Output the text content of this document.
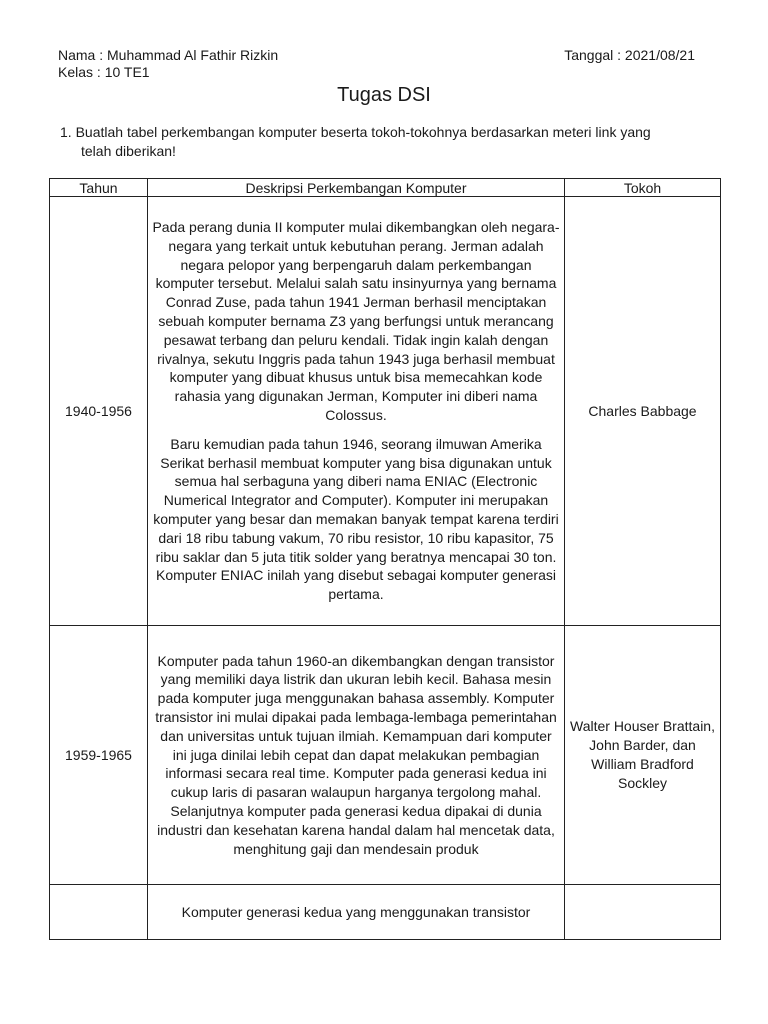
Nama : Muhammad Al Fathir Rizkin
Kelas : 10 TE1
Tanggal : 2021/08/21
Tugas DSI
1. Buatlah tabel perkembangan komputer beserta tokoh-tokohnya berdasarkan meteri link yang
telah diberikan!
Tahun	Deskripsi Perkembangan Komputer	Tokoh
1940-1956	Pada perang dunia II komputer mulai dikembangkan oleh negara-negara yang terkait untuk kebutuhan perang. Jerman adalah negara pelopor yang berpengaruh dalam perkembangan komputer tersebut. Melalui salah satu insinyurnya yang bernama Conrad Zuse, pada tahun 1941 Jerman berhasil menciptakan sebuah komputer bernama Z3 yang berfungsi untuk merancang pesawat terbang dan peluru kendali. Tidak ingin kalah dengan rivalnya, sekutu Inggris pada tahun 1943 juga berhasil membuat komputer yang dibuat khusus untuk bisa memecahkan kode rahasia yang digunakan Jerman, Komputer ini diberi nama Colossus.

Baru kemudian pada tahun 1946, seorang ilmuwan Amerika Serikat berhasil membuat komputer yang bisa digunakan untuk semua hal serbaguna yang diberi nama ENIAC (Electronic Numerical Integrator and Computer). Komputer ini merupakan komputer yang besar dan memakan banyak tempat karena terdiri dari 18 ribu tabung vakum, 70 ribu resistor, 10 ribu kapasitor, 75 ribu saklar dan 5 juta titik solder yang beratnya mencapai 30 ton. Komputer ENIAC inilah yang disebut sebagai komputer generasi pertama.	Charles Babbage
1959-1965	Komputer pada tahun 1960-an dikembangkan dengan transistor yang memiliki daya listrik dan ukuran lebih kecil. Bahasa mesin pada komputer juga menggunakan bahasa assembly. Komputer transistor ini mulai dipakai pada lembaga-lembaga pemerintahan dan universitas untuk tujuan ilmiah. Kemampuan dari komputer ini juga dinilai lebih cepat dan dapat melakukan pembagian informasi secara real time. Komputer pada generasi kedua ini cukup laris di pasaran walaupun harganya tergolong mahal. Selanjutnya komputer pada generasi kedua dipakai di dunia industri dan kesehatan karena handal dalam hal mencetak data, menghitung gaji dan mendesain produk	Walter Houser Brattain, John Barder, dan William Bradford Sockley

	Komputer generasi kedua yang menggunakan transistor	
